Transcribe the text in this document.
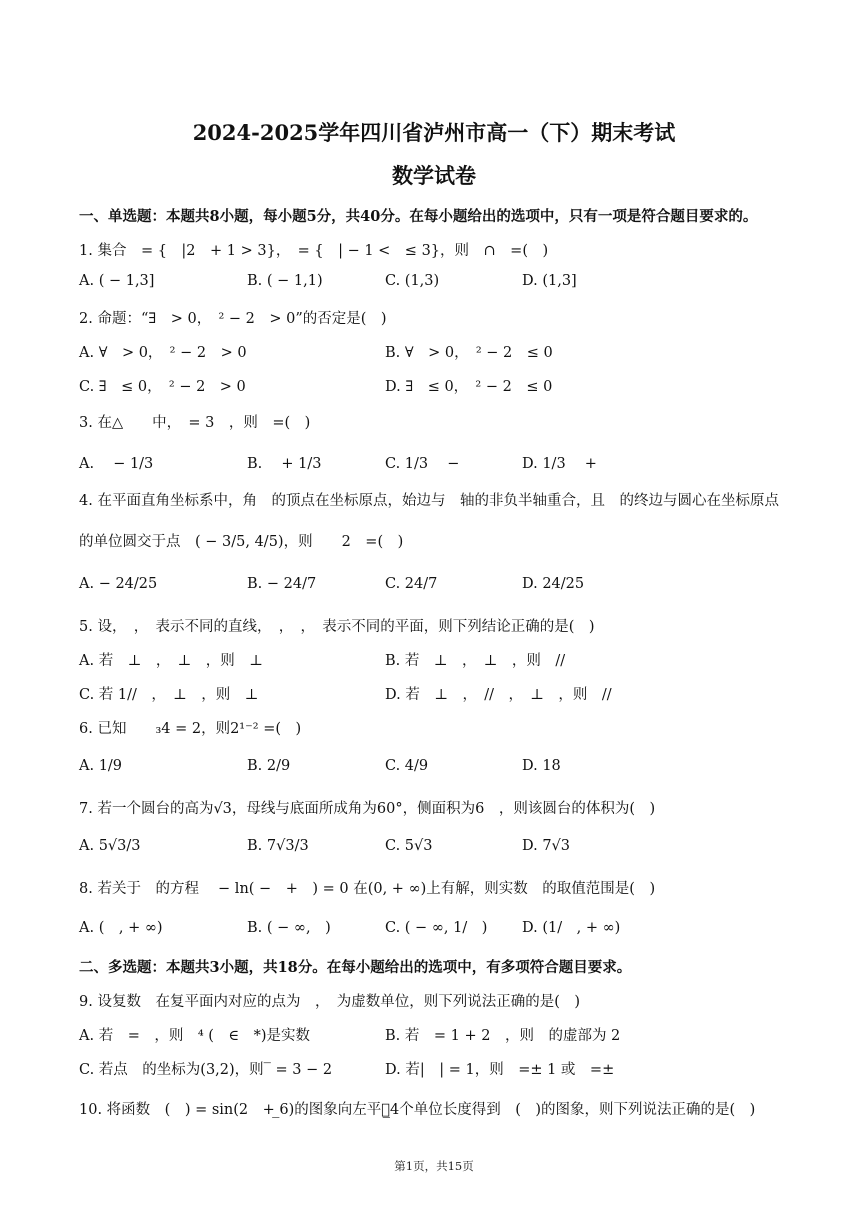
2024-2025学年四川省泸州市高一（下）期末考试
数学试卷
一、单选题：本题共8小题，每小题5分，共40分。在每小题给出的选项中，只有一项是符合题目要求的。
1. 集合　= {　|2　+ 1 > 3}，　= {　| − 1 <　≤ 3}，则　∩　=(　)
A. ( − 1,3]	B. ( − 1,1)	C. (1,3)	D. (1,3]
2. 命题：“∃　> 0，　² − 2　> 0”的否定是(　)
A. ∀　> 0，　² − 2　> 0	B. ∀　> 0，　² − 2　≤ 0
C. ∃　≤ 0，　² − 2　> 0	D. ∃　≤ 0，　² − 2　≤ 0
3. 在△　　中，　= 3　，则　=(　)
A.　 − 1/3	B.　 + 1/3	C. 1/3　 −	D. 1/3　 +
4. 在平面直角坐标系中，角　的顶点在坐标原点，始边与　轴的非负半轴重合，且　的终边与圆心在坐标原点
的单位圆交于点　( − 3/5, 4/5)，则　　2　=(　)
A. − 24/25	B. − 24/7	C. 24/7	D. 24/25
5. 设，　，　表示不同的直线，　，　，　表示不同的平面，则下列结论正确的是(　)
A. 若　⊥　，　⊥　，则　⊥	B. 若　⊥　，　⊥　，则　//
C. 若 1//　，　⊥　，则　⊥	D. 若　⊥　，　//　，　⊥　，则　//
6. 已知　　₃4 = 2，则2¹⁻² =(　)
A. 1/9	B. 2/9	C. 4/9	D. 18
7. 若一个圆台的高为√3，母线与底面所成角为60°，侧面积为6　，则该圆台的体积为(　)
A. 5√3/3	B. 7√3/3	C. 5√3	D. 7√3
8. 若关于　的方程　 − ln( −　+　) = 0 在(0, + ∞)上有解，则实数　的取值范围是(　)
A. (　, + ∞)	B. ( − ∞,　)	C. ( − ∞, 1/　) D. (1/　, + ∞)
二、多选题：本题共3小题，共18分。在每小题给出的选项中，有多项符合题目要求。
9. 设复数　在复平面内对应的点为　，　为虚数单位，则下列说法正确的是(　)
A. 若　=　，则　⁴ (　∈　*)是实数	B. 若　= 1 + 2　，则　的虚部为 2
C. 若点　的坐标为(3,2)，则‾ = 3 − 2	D. 若|　| = 1，则　=± 1 或　=±
10. 将函数　(　) = sin(2　+ ̲6)的图象向左平移̲4个单位长度得到　(　)的图象，则下列说法正确的是(　)
第1页，共15页
